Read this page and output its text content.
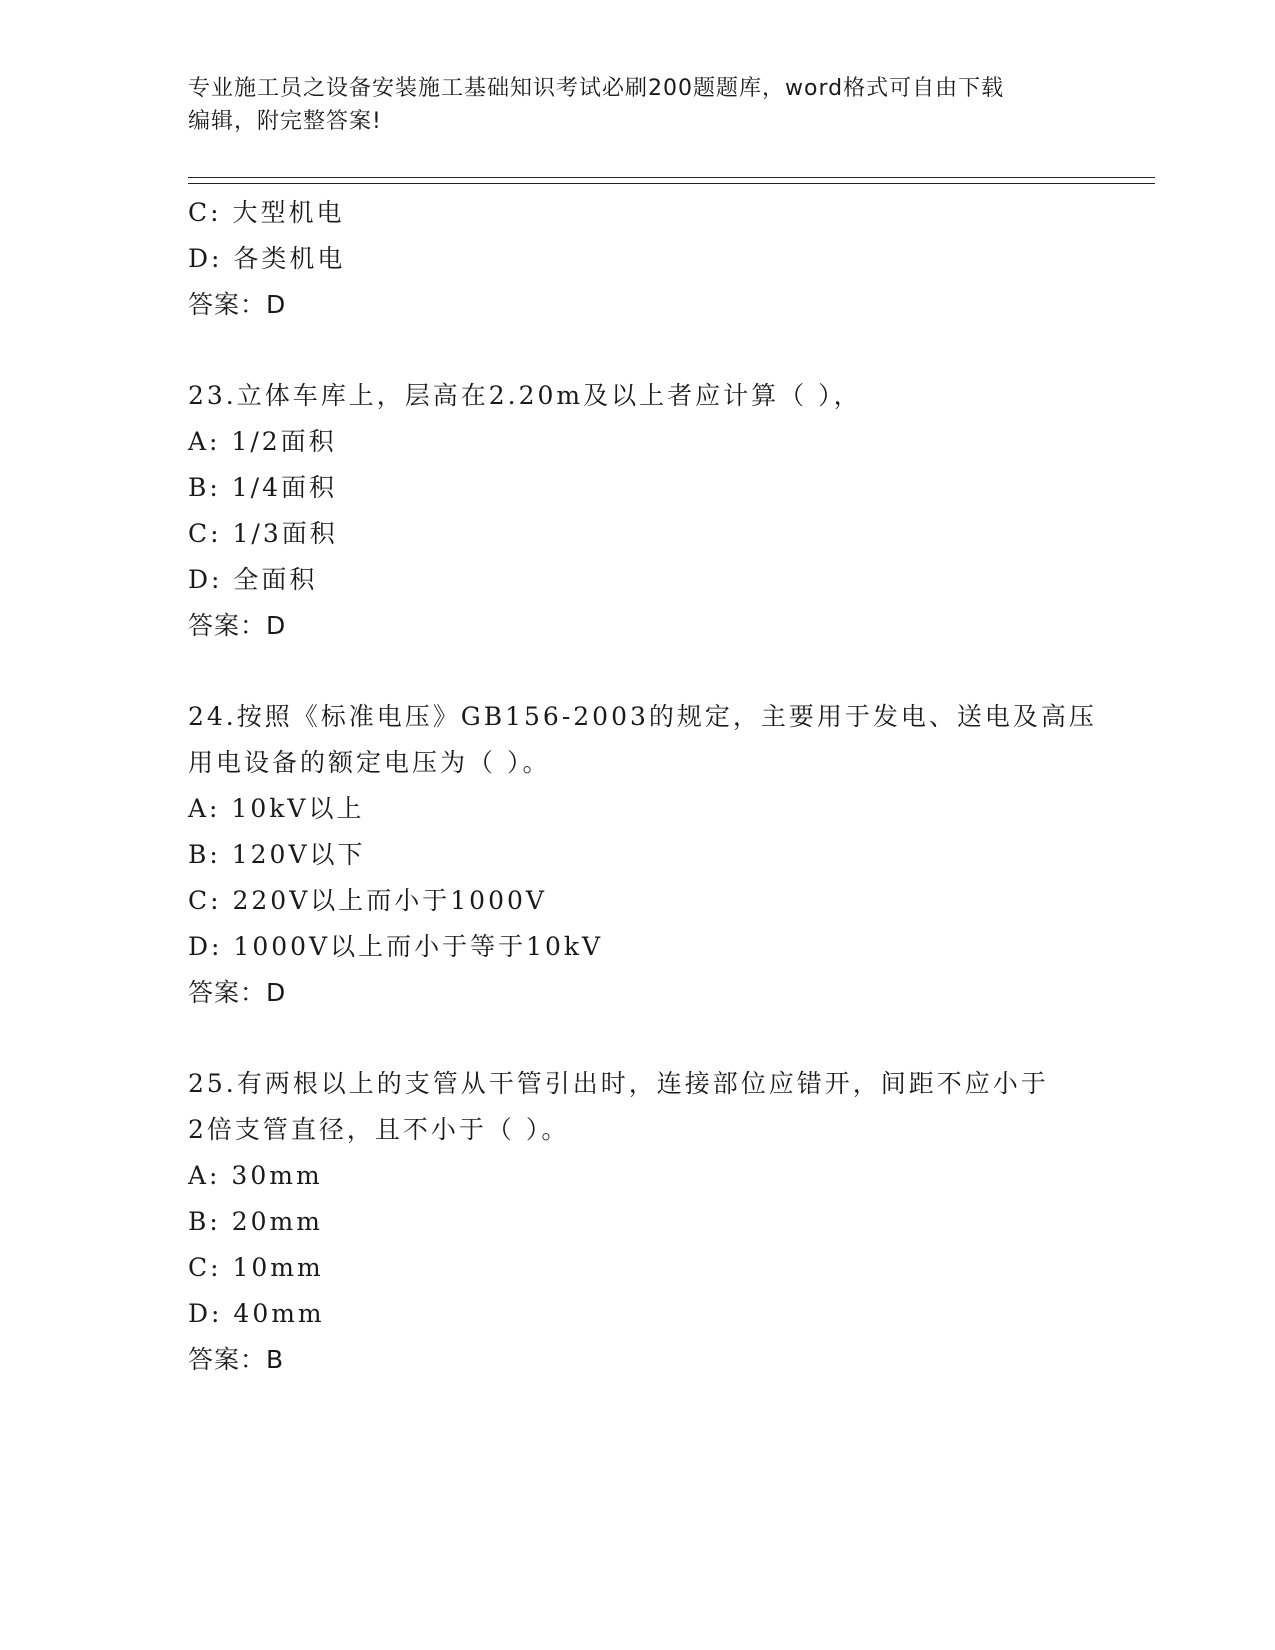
专业施工员之设备安装施工基础知识考试必刷200题题库，word格式可自由下载
编辑，附完整答案!
C: 大型机电
D: 各类机电
答案：D
23.立体车库上，层高在2.20m及以上者应计算（ ），
A: 1/2面积
B: 1/4面积
C: 1/3面积
D: 全面积
答案：D
24.按照《标准电压》GB156-2003的规定，主要用于发电、送电及高压
用电设备的额定电压为（ ）。
A: 10kV以上
B: 120V以下
C: 220V以上而小于1000V
D: 1000V以上而小于等于10kV
答案：D
25.有两根以上的支管从干管引出时，连接部位应错开，间距不应小于
2倍支管直径，且不小于（ ）。
A: 30mm
B: 20mm
C: 10mm
D: 40mm
答案：B
